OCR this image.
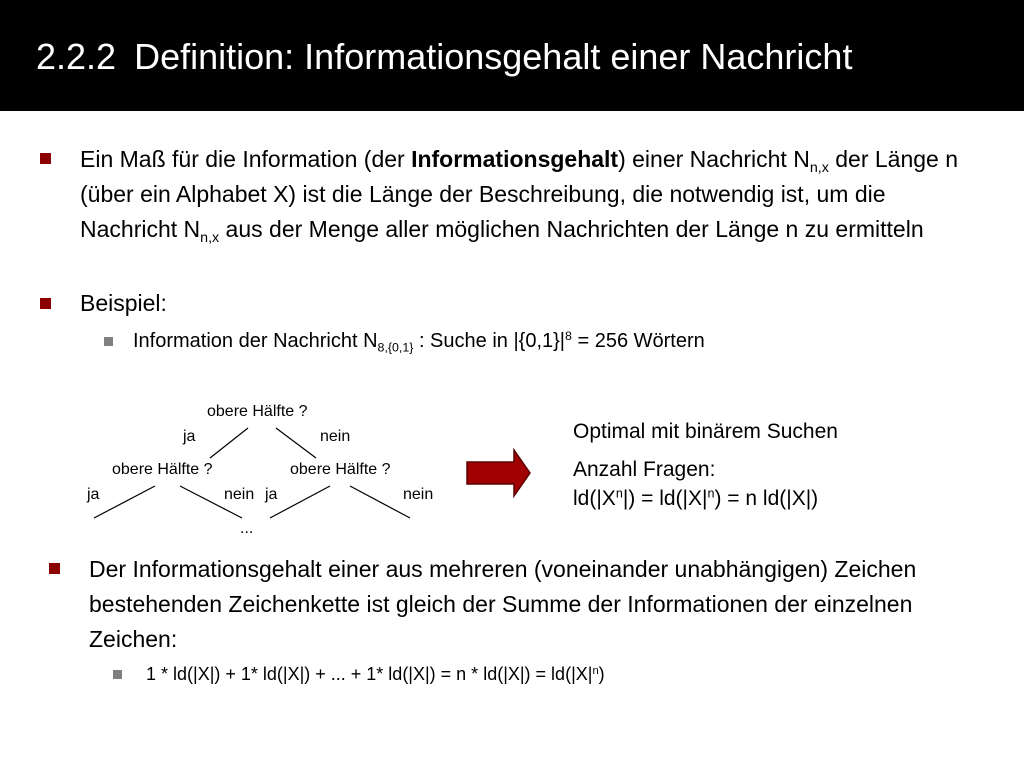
2.2.2 Definition: Informationsgehalt einer Nachricht
Ein Maß für die Information (der Informationsgehalt) einer Nachricht $N_{n,x}$ der Länge n (über ein Alphabet X) ist die Länge der Beschreibung, die notwendig ist, um die Nachricht $N_{n,x}$ aus der Menge aller möglichen Nachrichten der Länge n zu ermitteln
Beispiel:
Information der Nachricht $N_{8,\{0,1\}}$ : Suche in $|\{0,1\}|^8 = 256$ Wörtern
obere Hälfte ?
ja	nein
obere Hälfte ?	obere Hälfte ?
ja	nein ja	nein
...
Optimal mit binärem Suchen
Anzahl Fragen:
$ld(|X^n|) = ld(|X|^n) = n$ ld(|X|)
Der Informationsgehalt einer aus mehreren (voneinander unabhängigen) Zeichen bestehenden Zeichenkette ist gleich der Summe der Informationen der einzelnen Zeichen:
1 * ld(|X|) + 1* ld(|X|) + ... + 1* $ld(|X|) = n * ld(|X|) = ld(|X|^n)$
